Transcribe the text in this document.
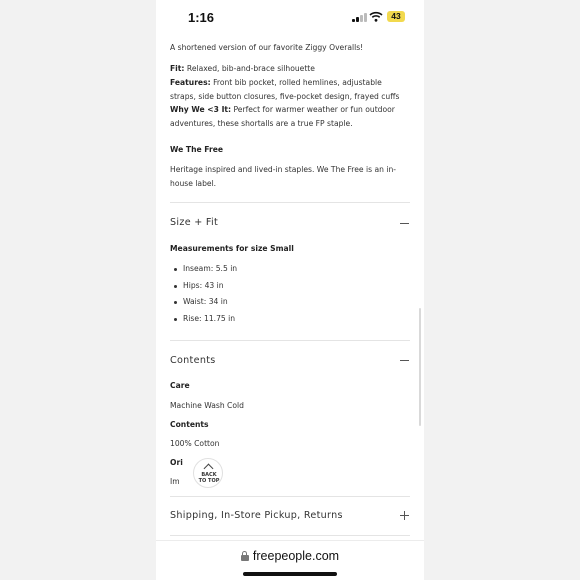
1:16	43
A shortened version of our favorite Ziggy Overalls!
Fit: Relaxed, bib-and-brace silhouette
Features: Front bib pocket, rolled hemlines, adjustable
straps, side button closures, five-pocket design, frayed cuffs
Why We <3 It: Perfect for warmer weather or fun outdoor
adventures, these shortalls are a true FP staple.
We The Free
Heritage inspired and lived-in staples. We The Free is an in-
house label.
Size + Fit
Measurements for size Small
Inseam: 5.5 in
Hips: 43 in
Waist: 34 in
Rise: 11.75 in
Contents
Care
Machine Wash Cold
Contents
100% Cotton
Ori
Im
BACK
TO TOP
Shipping, In-Store Pickup, Returns
freepeople.com
